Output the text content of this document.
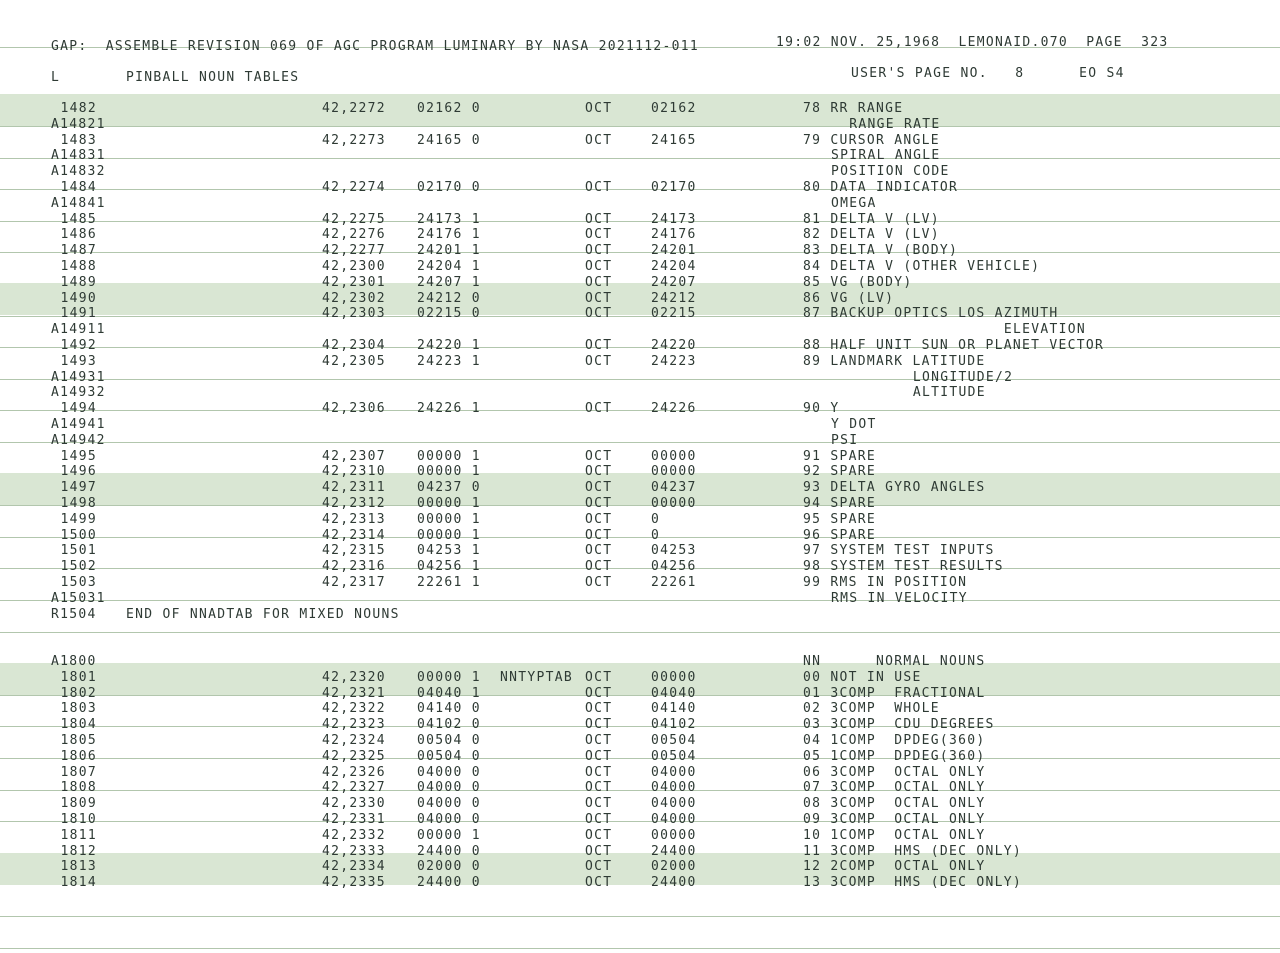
GAP:  ASSEMBLE REVISION 069 OF AGC PROGRAM LUMINARY BY NASA 2021112-011	19:02 NOV. 25,1968  LEMONAID.070  PAGE  323
L	PINBALL NOUN TABLES	USER'S PAGE NO.   8      EO S4
1482	42,2272 02162 0	OCT	02162	78 RR RANGE
A14821	RANGE RATE
1483	42,2273 24165 0	OCT	24165	79 CURSOR ANGLE
A14831	SPIRAL ANGLE
A14832	POSITION CODE
1484	42,2274 02170 0	OCT	02170	80 DATA INDICATOR
A14841	OMEGA
1485	42,2275 24173 1	OCT	24173	81 DELTA V (LV)
1486	42,2276 24176 1	OCT	24176	82 DELTA V (LV)
1487	42,2277 24201 1	OCT	24201	83 DELTA V (BODY)
1488	42,2300 24204 1	OCT	24204	84 DELTA V (OTHER VEHICLE)
1489	42,2301 24207 1	OCT	24207	85 VG (BODY)
1490	42,2302 24212 0	OCT	24212	86 VG (LV)
1491	42,2303 02215 0	OCT	02215	87 BACKUP OPTICS LOS AZIMUTH
A14911	ELEVATION
1492	42,2304 24220 1	OCT	24220	88 HALF UNIT SUN OR PLANET VECTOR
1493	42,2305 24223 1	OCT	24223	89 LANDMARK LATITUDE
A14931	LONGITUDE/2
A14932	ALTITUDE
1494	42,2306 24226 1	OCT	24226	90 Y
A14941	Y DOT
A14942	PSI
1495	42,2307 00000 1	OCT	00000	91 SPARE
1496	42,2310 00000 1	OCT	00000	92 SPARE
1497	42,2311 04237 0	OCT	04237	93 DELTA GYRO ANGLES
1498	42,2312 00000 1	OCT	00000	94 SPARE
1499	42,2313 00000 1	OCT	0	95 SPARE
1500	42,2314 00000 1	OCT	0	96 SPARE
1501	42,2315 04253 1	OCT	04253	97 SYSTEM TEST INPUTS
1502	42,2316 04256 1	OCT	04256	98 SYSTEM TEST RESULTS
1503	42,2317 22261 1	OCT	22261	99 RMS IN POSITION
A15031	RMS IN VELOCITY
R1504 END OF NNADTAB FOR MIXED NOUNS
A1800	NN      NORMAL NOUNS
1801	42,2320 00000 1 NNTYPTAB OCT	00000	00 NOT IN USE
1802	42,2321 04040 1	OCT	04040	01 3COMP  FRACTIONAL
1803	42,2322 04140 0	OCT	04140	02 3COMP  WHOLE
1804	42,2323 04102 0	OCT	04102	03 3COMP  CDU DEGREES
1805	42,2324 00504 0	OCT	00504	04 1COMP  DPDEG(360)
1806	42,2325 00504 0	OCT	00504	05 1COMP  DPDEG(360)
1807	42,2326 04000 0	OCT	04000	06 3COMP  OCTAL ONLY
1808	42,2327 04000 0	OCT	04000	07 3COMP  OCTAL ONLY
1809	42,2330 04000 0	OCT	04000	08 3COMP  OCTAL ONLY
1810	42,2331 04000 0	OCT	04000	09 3COMP  OCTAL ONLY
1811	42,2332 00000 1	OCT	00000	10 1COMP  OCTAL ONLY
1812	42,2333 24400 0	OCT	24400	11 3COMP  HMS (DEC ONLY)
1813	42,2334 02000 0	OCT	02000	12 2COMP  OCTAL ONLY
1814	42,2335 24400 0	OCT	24400	13 3COMP  HMS (DEC ONLY)
